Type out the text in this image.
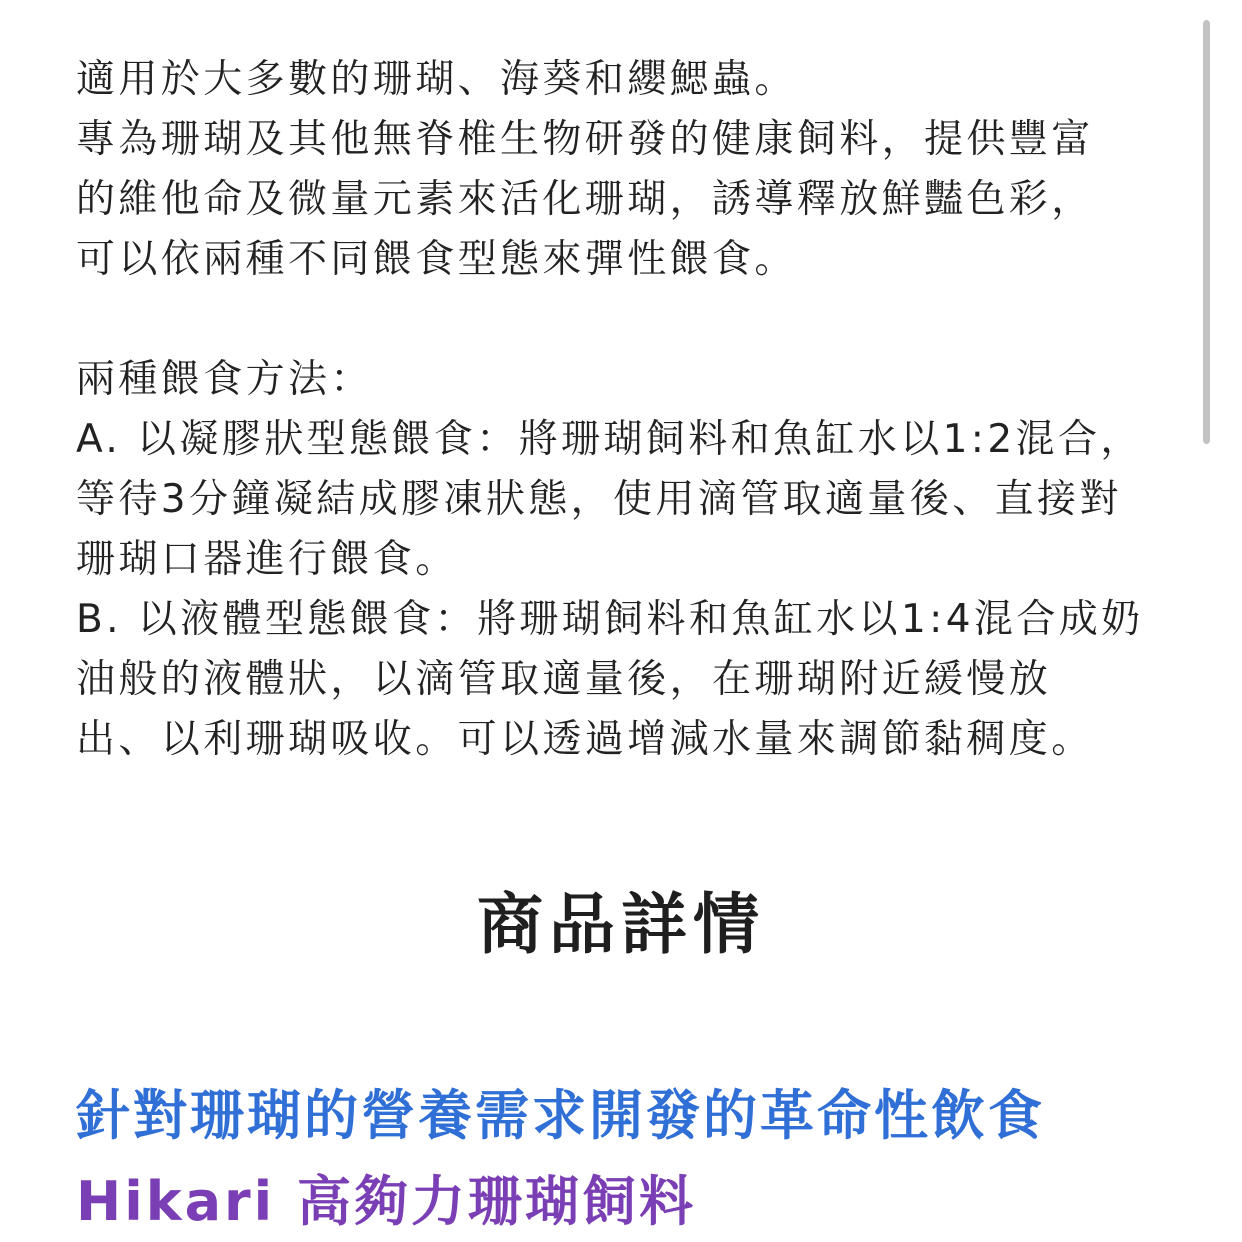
適用於大多數的珊瑚、海葵和纓鰓蟲。
專為珊瑚及其他無脊椎生物研發的健康飼料，提供豐富
的維他命及微量元素來活化珊瑚，誘導釋放鮮豔色彩，
可以依兩種不同餵食型態來彈性餵食。
兩種餵食方法：
A. 以凝膠狀型態餵食：將珊瑚飼料和魚缸水以1:2混合，
等待3分鐘凝結成膠凍狀態，使用滴管取適量後、直接對
珊瑚口器進行餵食。
B. 以液體型態餵食：將珊瑚飼料和魚缸水以1:4混合成奶
油般的液體狀，以滴管取適量後，在珊瑚附近緩慢放
出、以利珊瑚吸收。可以透過增減水量來調節黏稠度。
商品詳情
針對珊瑚的營養需求開發的革命性飲食
Hikari 高夠力珊瑚飼料
